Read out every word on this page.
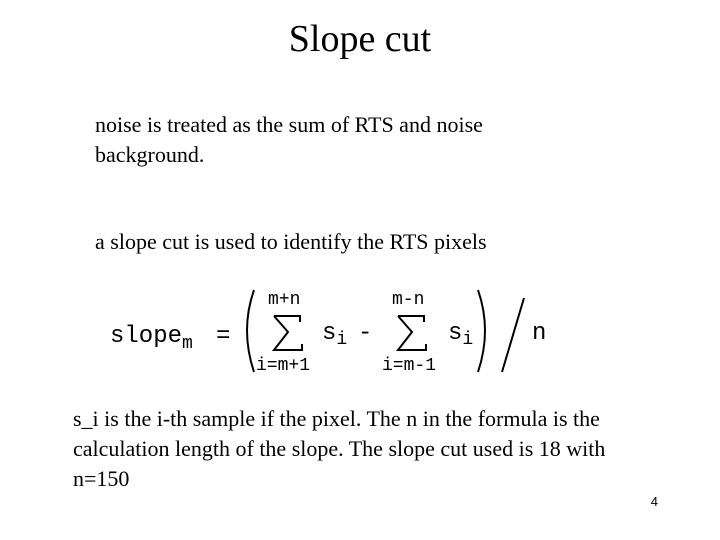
Slope cut

noise is treated as the sum of RTS and noise background.

a slope cut is used to identify the RTS pixels

slope$_m$ =
m+n
i=m+1
$s_i$ -
m-n
i=m-1
$s_i$ n

s_i is the i-th sample if the pixel. The n in the formula is the calculation length of the slope. The slope cut used is 18 with n=150

4
